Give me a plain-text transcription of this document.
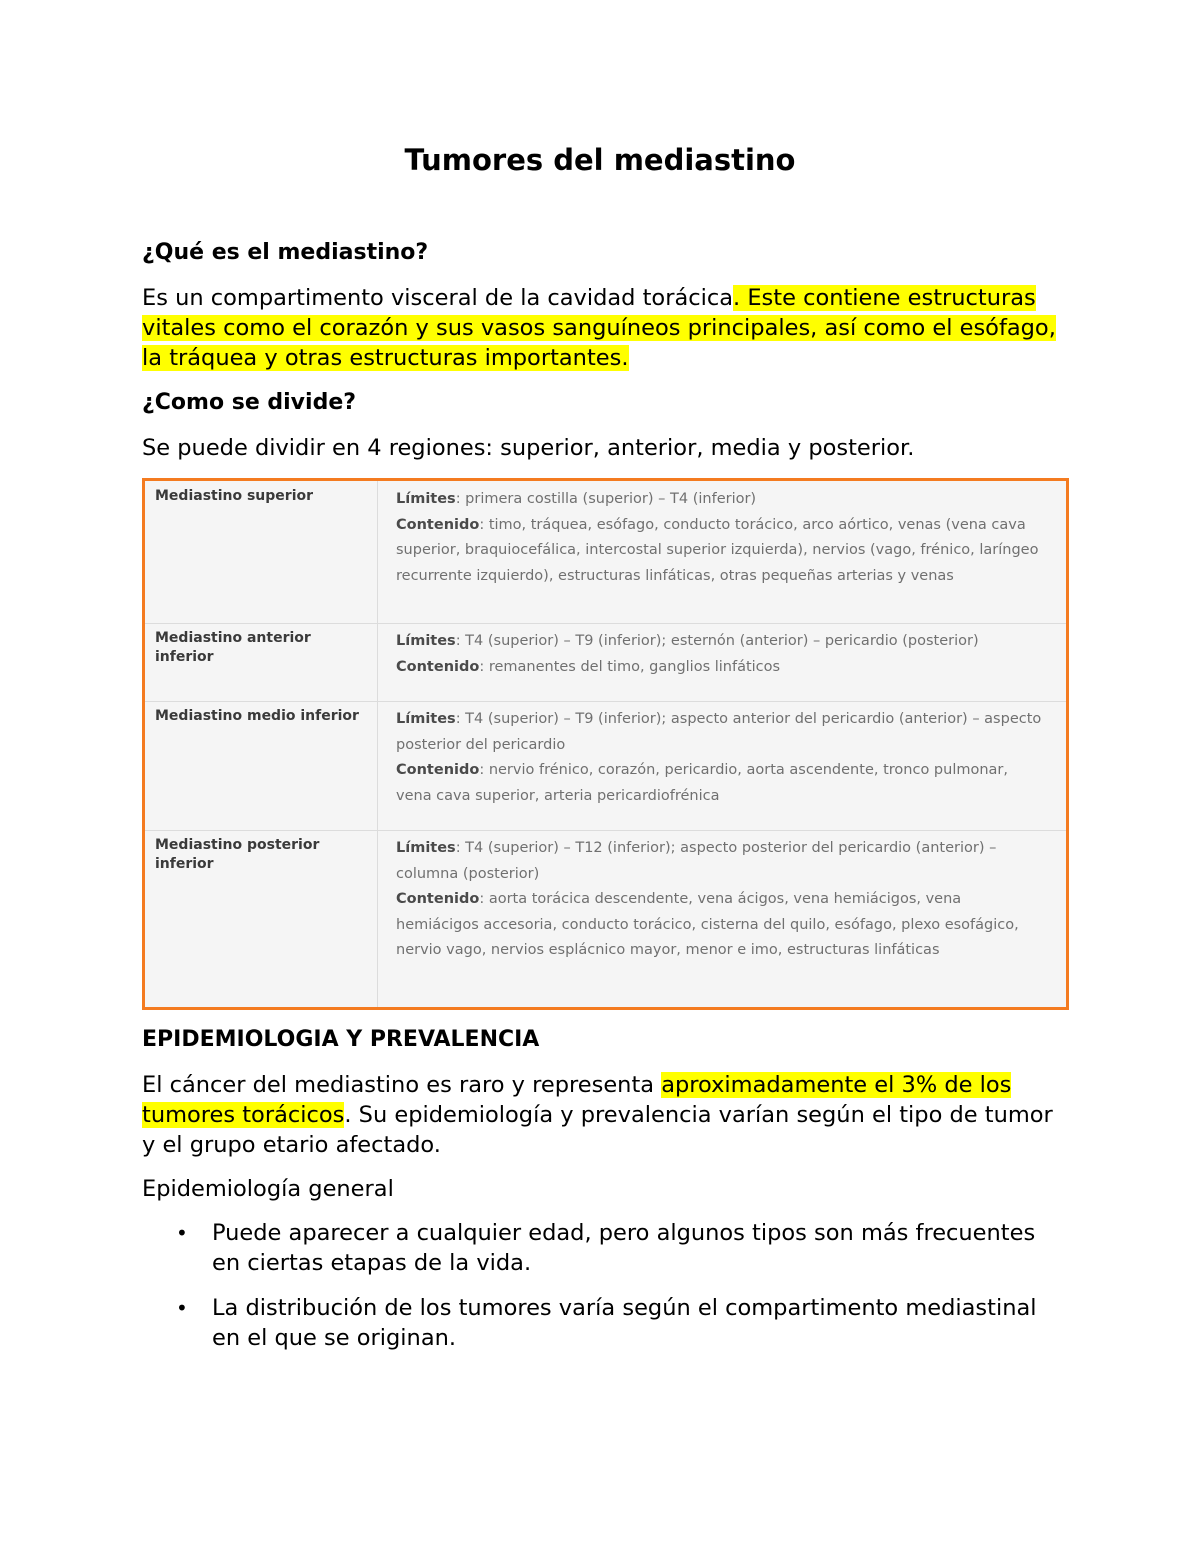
Tumores del mediastino
¿Qué es el mediastino?

Es un compartimento visceral de la cavidad torácica. Este contiene estructuras vitales como el corazón y sus vasos sanguíneos principales, así como el esófago, la tráquea y otras estructuras importantes.

¿Como se divide?

Se puede dividir en 4 regiones: superior, anterior, media y posterior.

Mediastino superior	Límites: primera costilla (superior) – T4 (inferior)
Contenido: timo, tráquea, esófago, conducto torácico, arco aórtico, venas (vena cava superior, braquiocefálica, intercostal superior izquierda), nervios (vago, frénico, laríngeo recurrente izquierdo), estructuras linfáticas, otras pequeñas arterias y venas
Mediastino anterior inferior
Límites: T4 (superior) – T9 (inferior); esternón (anterior) – pericardio (posterior)
Contenido: remanentes del timo, ganglios linfáticos
Mediastino medio inferior	Límites: T4 (superior) – T9 (inferior); aspecto anterior del pericardio (anterior) – aspecto posterior del pericardio
Contenido: nervio frénico, corazón, pericardio, aorta ascendente, tronco pulmonar, vena cava superior, arteria pericardiofrénica
Mediastino posterior inferior
Límites: T4 (superior) – T12 (inferior); aspecto posterior del pericardio (anterior) – columna (posterior)
Contenido: aorta torácica descendente, vena ácigos, vena hemiácigos, vena hemiácigos accesoria, conducto torácico, cisterna del quilo, esófago, plexo esofágico, nervio vago, nervios esplácnico mayor, menor e imo, estructuras linfáticas
EPIDEMIOLOGIA Y PREVALENCIA

El cáncer del mediastino es raro y representa aproximadamente el 3% de los tumores torácicos. Su epidemiología y prevalencia varían según el tipo de tumor y el grupo etario afectado.

Epidemiología general

• Puede aparecer a cualquier edad, pero algunos tipos son más frecuentes en ciertas etapas de la vida.
• La distribución de los tumores varía según el compartimento mediastinal en el que se originan.
